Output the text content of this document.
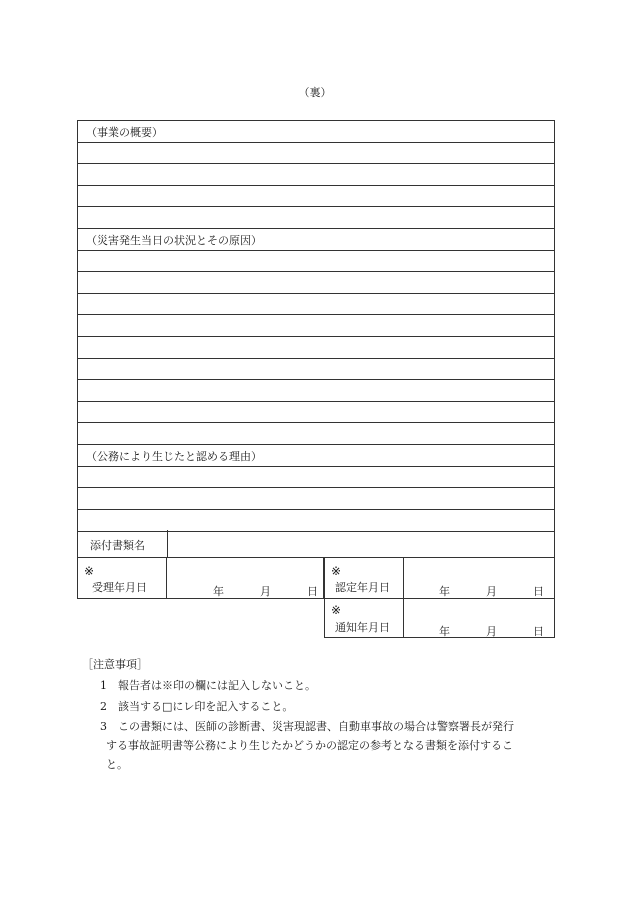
（裏）
（事業の概要）
（災害発生当日の状況とその原因）
（公務により生じたと認める理由）
添付書類名
※
受理年月日	年	月	日
※
認定年月日	年	月	日
※
通知年月日	年	月	日
［注意事項］
1 報告者は※印の欄には記入しないこと。
2 該当する□にレ印を記入すること。
3 この書類には、医師の診断書、災害現認書、自動車事故の場合は警察署長が発行
する事故証明書等公務により生じたかどうかの認定の参考となる書類を添付するこ
と。
